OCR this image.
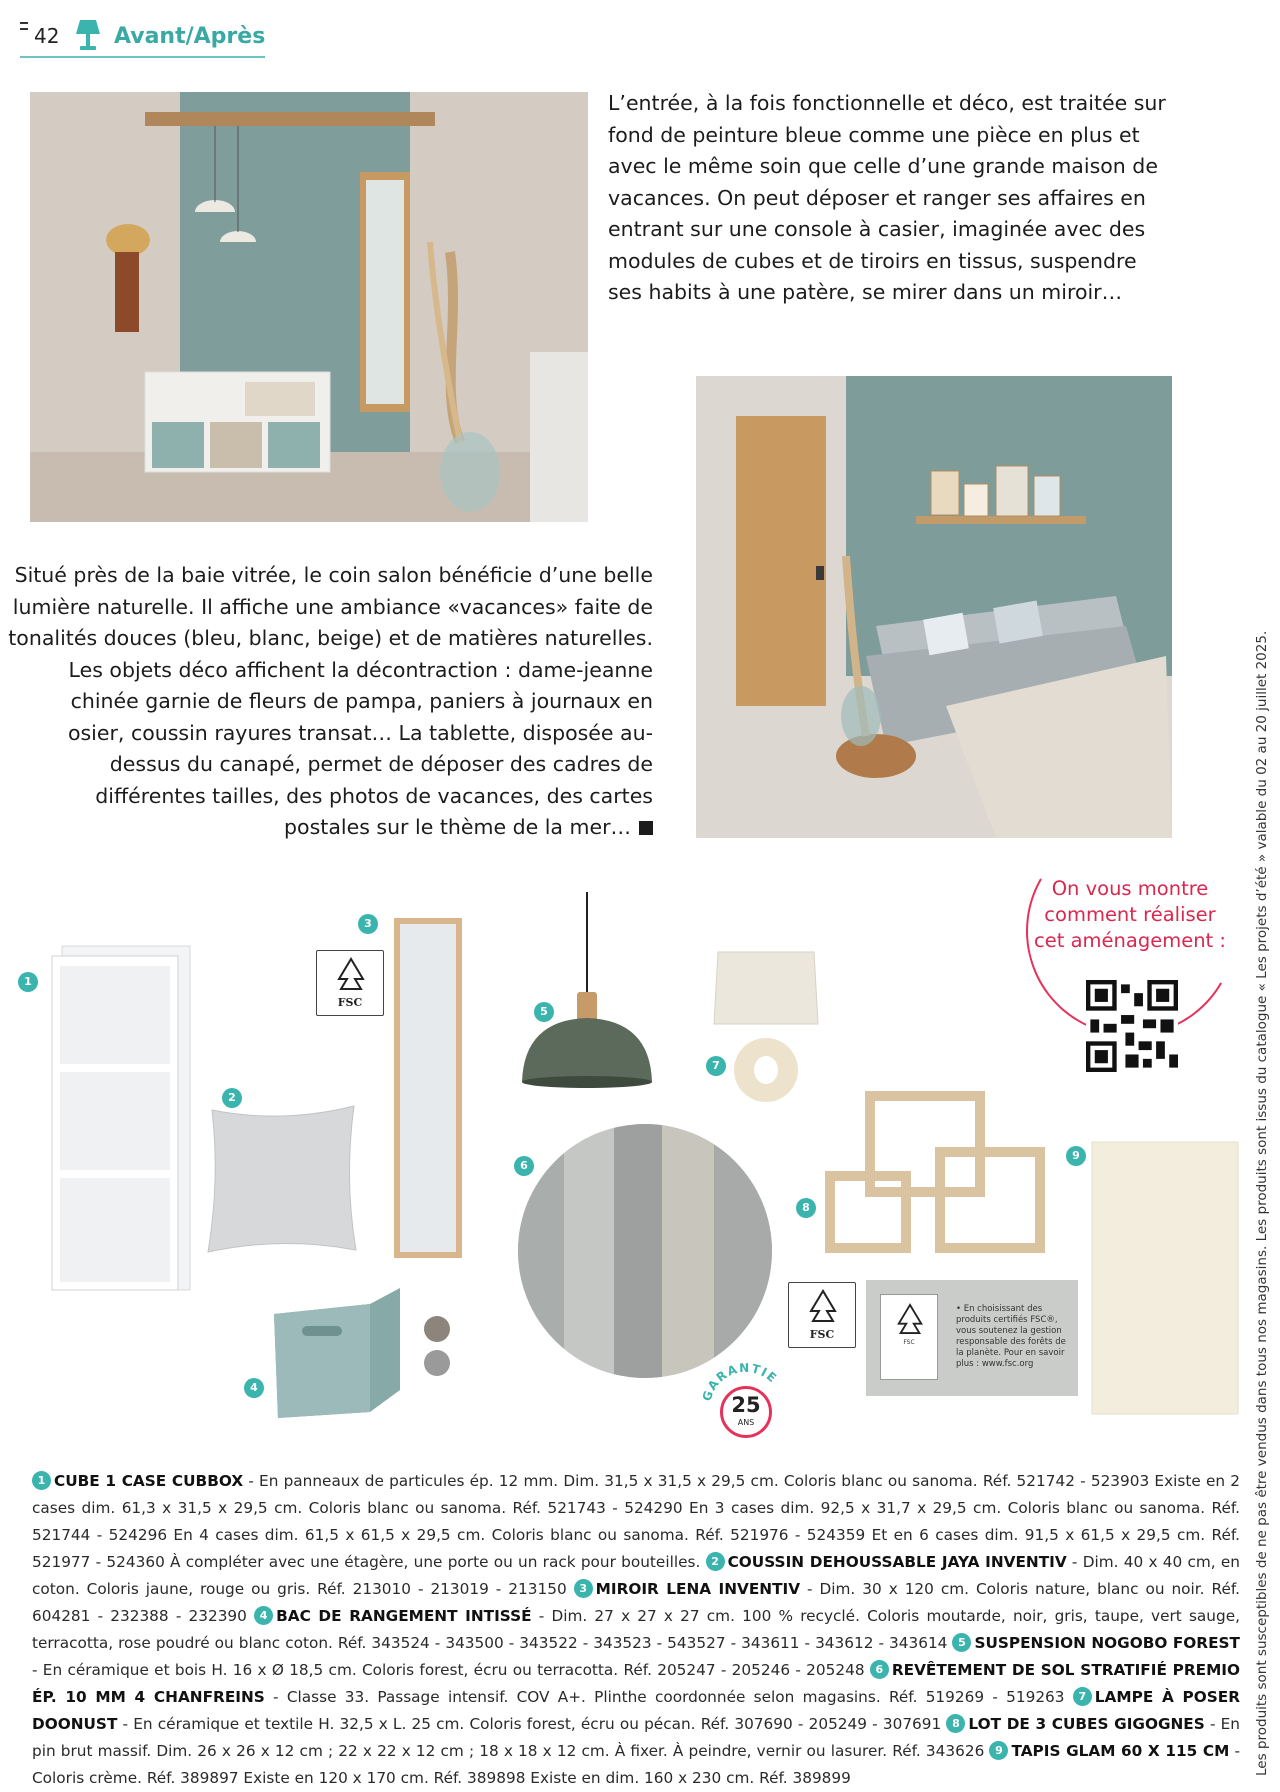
42 Avant/Après
L’entrée, à la fois fonctionnelle et déco, est traitée sur fond de peinture bleue comme une pièce en plus et avec le même soin que celle d’une grande maison de vacances. On peut déposer et ranger ses affaires en entrant sur une console à casier, imaginée avec des modules de cubes et de tiroirs en tissus, suspendre ses habits à une patère, se mirer dans un miroir…
Situé près de la baie vitrée, le coin salon bénéficie d’une belle lumière naturelle. Il affiche une ambiance «vacances» faite de tonalités douces (bleu, blanc, beige) et de matières naturelles. Les objets déco affichent la décontraction : dame-jeanne chinée garnie de fleurs de pampa, paniers à journaux en osier, coussin rayures transat… La tablette, disposée au-dessus du canapé, permet de déposer des cadres de différentes tailles, des photos de vacances, des cartes postales sur le thème de la mer…
On vous montre comment réaliser cet aménagement : Les produits sont susceptibles de ne pas être vendus dans tous nos magasins. Les produits sont issus du catalogue « Les projets d’été » valable du 02 au 20 juillet 2025.
1
2
3
4
5
6
7
8
9
FSC
FSC
FSC
• En choisissant des produits certifiés FSC®, vous soutenez la gestion responsable des forêts de la planète. Pour en savoir plus : www.fsc.org
GARANTIE
25
ANS
1 CUBE 1 CASE CUBBOX - En panneaux de particules ép. 12 mm. Dim. 31,5 x 31,5 x 29,5 cm. Coloris blanc ou sanoma. Réf. 521742 - 523903 Existe en 2 cases dim. 61,3 x 31,5 x 29,5 cm. Coloris blanc ou sanoma. Réf. 521743 - 524290 En 3 cases dim. 92,5 x 31,7 x 29,5 cm. Coloris blanc ou sanoma. Réf. 521744 - 524296 En 4 cases dim. 61,5 x 61,5 x 29,5 cm. Coloris blanc ou sanoma. Réf. 521976 - 524359 Et en 6 cases dim. 91,5 x 61,5 x 29,5 cm. Réf. 521977 - 524360 À compléter avec une étagère, une porte ou un rack pour bouteilles. 2 COUSSIN DEHOUSSABLE JAYA INVENTIV - Dim. 40 x 40 cm, en coton. Coloris jaune, rouge ou gris. Réf. 213010 - 213019 - 213150 3 MIROIR LENA INVENTIV - Dim. 30 x 120 cm. Coloris nature, blanc ou noir. Réf. 604281 - 232388 - 232390 4 BAC DE RANGEMENT INTISSÉ - Dim. 27 x 27 x 27 cm. 100 % recyclé. Coloris moutarde, noir, gris, taupe, vert sauge, terracotta, rose poudré ou blanc coton. Réf. 343524 - 343500 - 343522 - 343523 - 543527 - 343611 - 343612 - 343614 5 SUSPENSION NOGOBO FOREST - En céramique et bois H. 16 x Ø 18,5 cm. Coloris forest, écru ou terracotta. Réf. 205247 - 205246 - 205248 6 REVÊTEMENT DE SOL STRATIFIÉ PREMIO ÉP. 10 MM 4 CHANFREINS - Classe 33. Passage intensif. COV A+. Plinthe coordonnée selon magasins. Réf. 519269 - 519263 7 LAMPE À POSER DOONUST - En céramique et textile H. 32,5 x L. 25 cm. Coloris forest, écru ou pécan. Réf. 307690 - 205249 - 307691 8 LOT DE 3 CUBES GIGOGNES - En pin brut massif. Dim. 26 x 26 x 12 cm ; 22 x 22 x 12 cm ; 18 x 18 x 12 cm. À fixer. À peindre, vernir ou lasurer. Réf. 343626 9 TAPIS GLAM 60 X 115 CM - Coloris crème. Réf. 389897 Existe en 120 x 170 cm. Réf. 389898 Existe en dim. 160 x 230 cm. Réf. 389899
